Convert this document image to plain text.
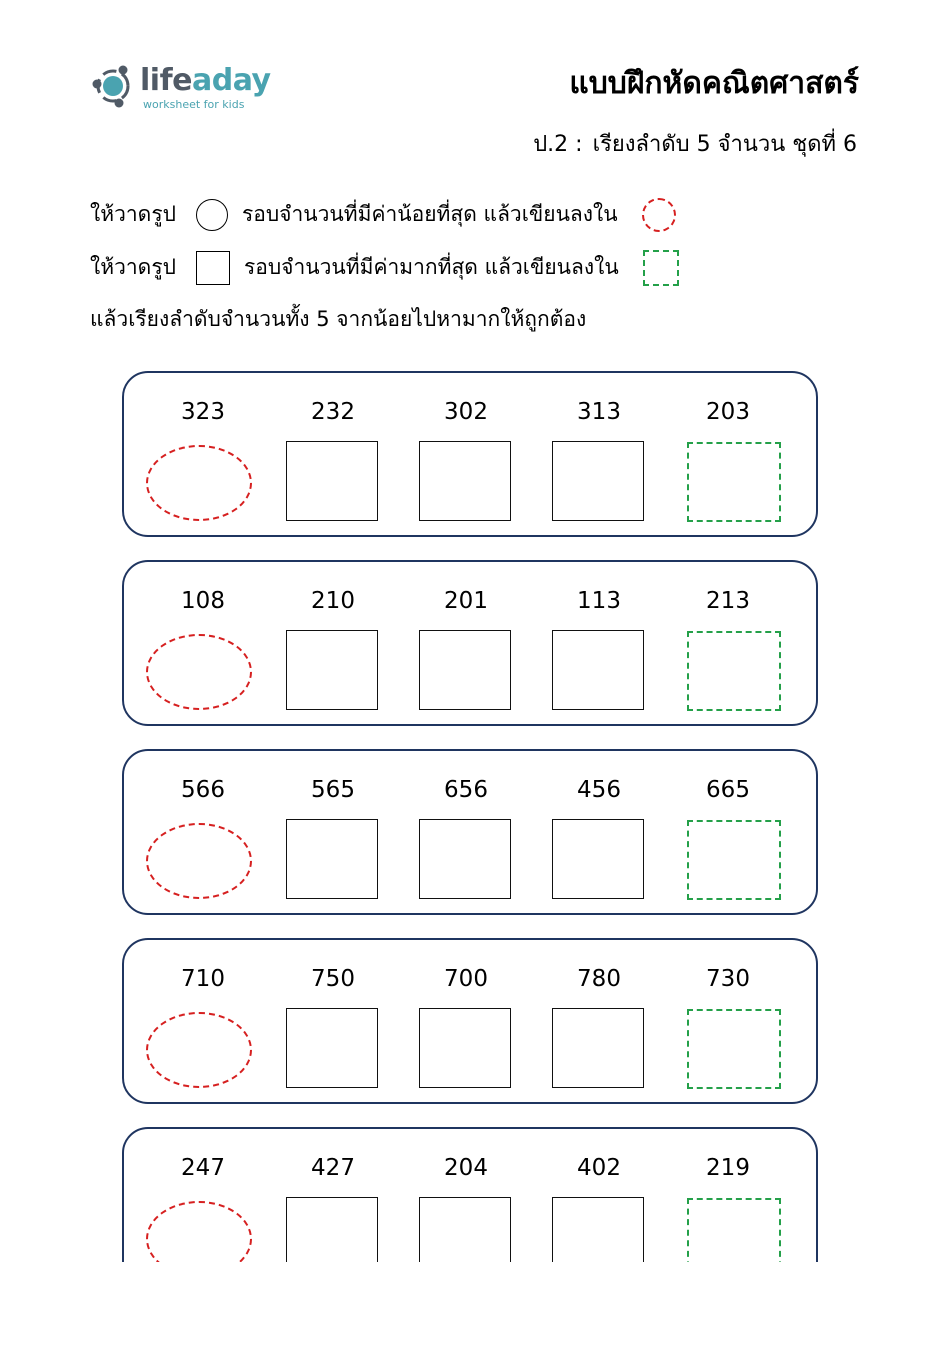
lifeaday
worksheet for kids
แบบฝึกหัดคณิตศาสตร์
ป.2 : เรียงลำดับ 5 จำนวน ชุดที่ 6
ให้วาดรูป	รอบจำนวนที่มีค่าน้อยที่สุด แล้วเขียนลงใน
ให้วาดรูป	รอบจำนวนที่มีค่ามากที่สุด แล้วเขียนลงใน
แล้วเรียงลำดับจำนวนทั้ง 5 จากน้อยไปหามากให้ถูกต้อง
323	232	302	313	203
108	210	201	113	213
566	565	656	456	665
710	750	700	780	730
247	427	204	402	219
